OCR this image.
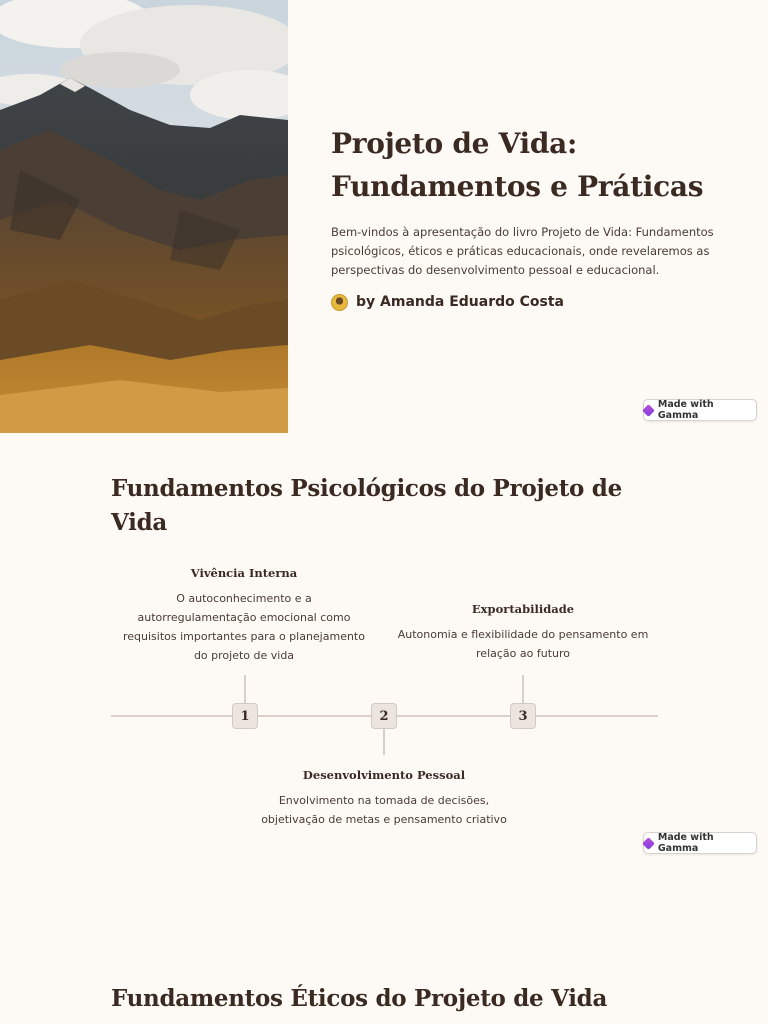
Projeto de Vida:
Fundamentos e Práticas

Bem-vindos à apresentação do livro Projeto de Vida: Fundamentos psicológicos, éticos e práticas educacionais, onde revelaremos as perspectivas do desenvolvimento pessoal e educacional.

by Amanda Eduardo Costa
Made with Gamma
Fundamentos Psicológicos do Projeto de Vida
1	2	3
Vivência Interna
O autoconhecimento e a autorregulamentação emocional como requisitos importantes para o planejamento do projeto de vida
Desenvolvimento Pessoal
Envolvimento na tomada de decisões, objetivação de metas e pensamento criativo
Exportabilidade
Autonomia e flexibilidade do pensamento em relação ao futuro
Made with Gamma
Fundamentos Éticos do Projeto de Vida
